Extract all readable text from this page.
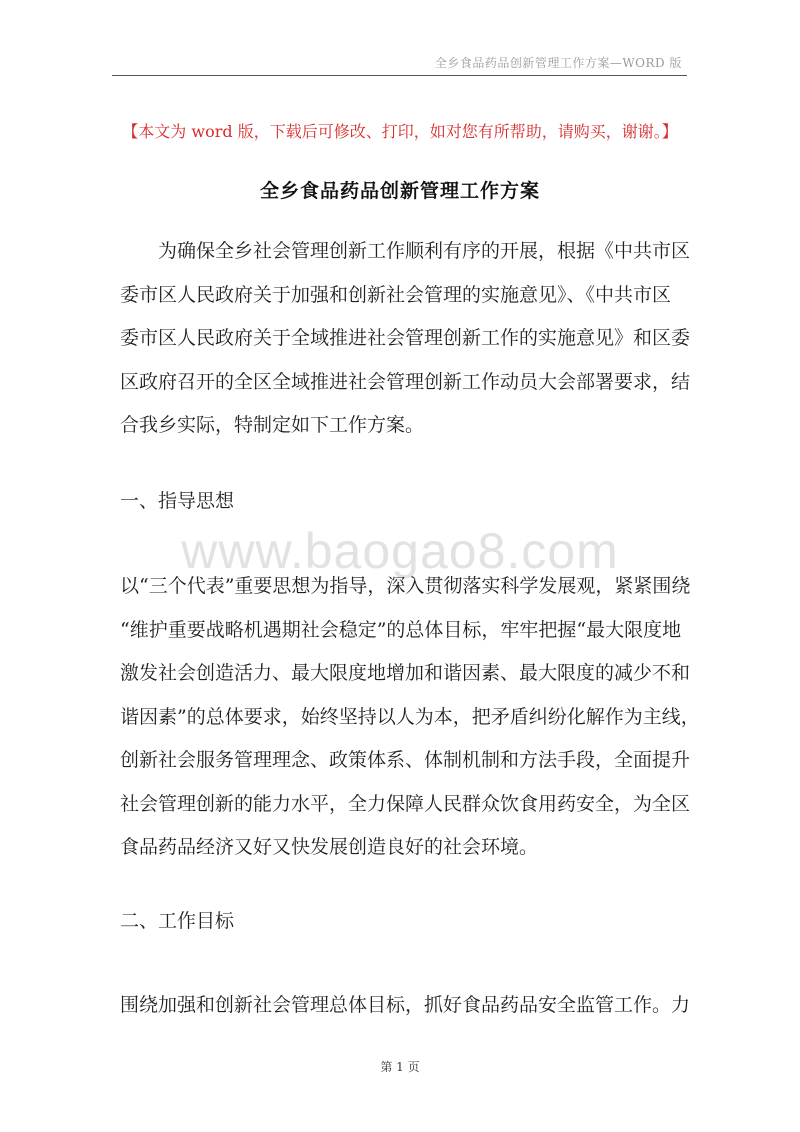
全乡食品药品创新管理工作方案—WORD 版
【本文为 word 版，下载后可修改、打印，如对您有所帮助，请购买，谢谢。】
全乡食品药品创新管理工作方案
为确保全乡社会管理创新工作顺利有序的开展，根据《中共市区
委市区人民政府关于加强和创新社会管理的实施意见》、《中共市区
委市区人民政府关于全域推进社会管理创新工作的实施意见》和区委
区政府召开的全区全域推进社会管理创新工作动员大会部署要求，结
合我乡实际，特制定如下工作方案。
一、指导思想
www.baogao8.com
以“三个代表”重要思想为指导，深入贯彻落实科学发展观，紧紧围绕
“维护重要战略机遇期社会稳定”的总体目标，牢牢把握“最大限度地
激发社会创造活力、最大限度地增加和谐因素、最大限度的减少不和
谐因素”的总体要求，始终坚持以人为本，把矛盾纠纷化解作为主线，
创新社会服务管理理念、政策体系、体制机制和方法手段，全面提升
社会管理创新的能力水平，全力保障人民群众饮食用药安全，为全区
食品药品经济又好又快发展创造良好的社会环境。
二、工作目标
围绕加强和创新社会管理总体目标，抓好食品药品安全监管工作。力
第 1 页
